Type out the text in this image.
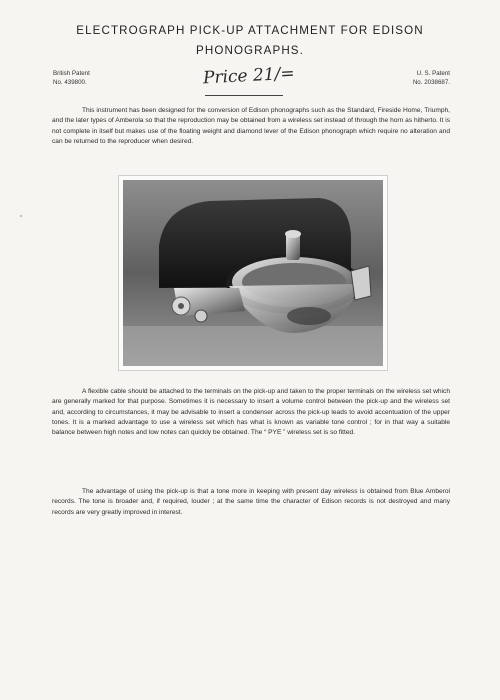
ELECTROGRAPH PICK-UP ATTACHMENT FOR EDISON
PHONOGRAPHS.
British Patent
No. 439800.	Price 21/=	U. S. Patent
No. 2038687.

This instrument has been designed for the conversion of Edison phonographs such as the Standard, Fireside Home, Triumph, and the later types of Amberola so that the reproduction may be obtained from a wireless set instead of through the horn as hitherto. It is not complete in itself but makes use of the floating weight and diamond lever of the Edison phonograph which require no alteration and can be returned to the reproducer when desired.

A flexible cable should be attached to the terminals on the pick-up and taken to the proper terminals on the wireless set which are generally marked for that purpose. Sometimes it is necessary to insert a volume control between the pick-up and the wireless set and, according to circumstances, it may be advisable to insert a condenser across the pick-up leads to avoid accentuation of the upper tones. It is a marked advantage to use a wireless set which has what is known as variable tone control ; for in that way a suitable balance between high notes and low notes can quickly be obtained. The “ PYE ” wireless set is so fitted.

The advantage of using the pick-up is that a tone more in keeping with present day wireless is obtained from Blue Amberol records. The tone is broader and, if required, louder ; at the same time the character of Edison records is not destroyed and many records are very greatly improved in interest.
